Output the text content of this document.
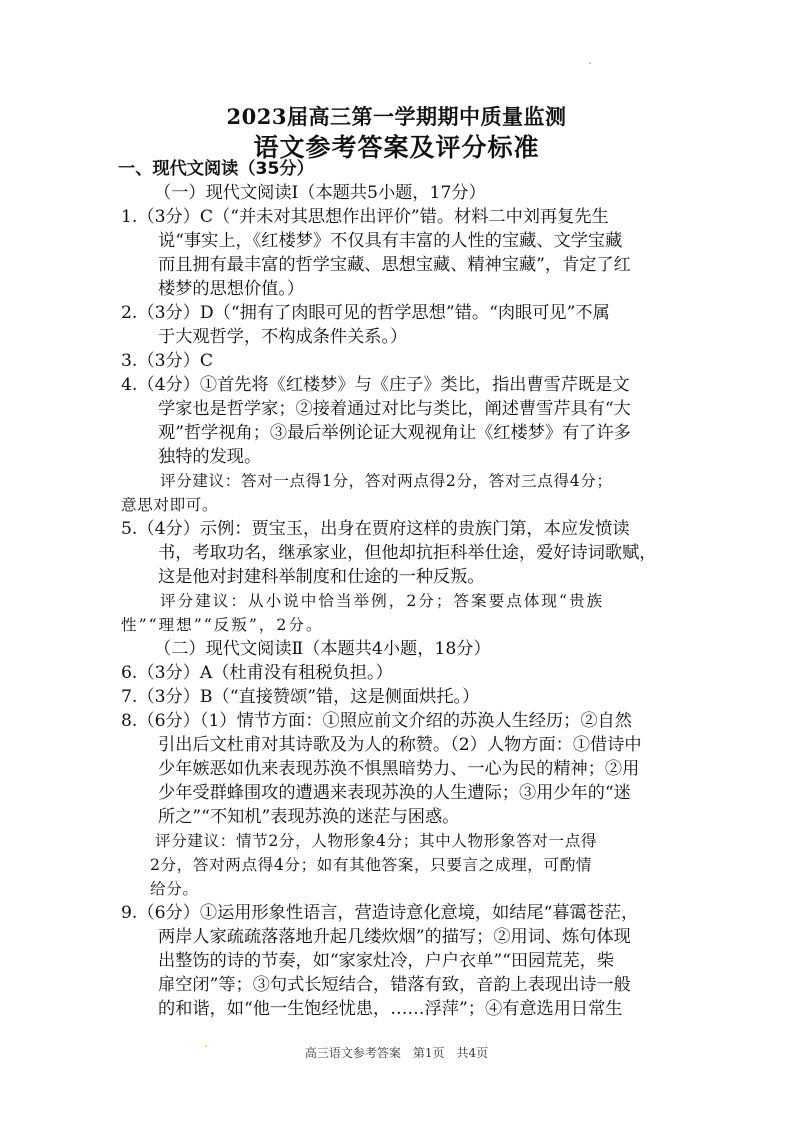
2023届高三第一学期期中质量监测
语文参考答案及评分标准
一、现代文阅读（35分）
（一）现代文阅读Ⅰ（本题共5小题，17分）
1.（3分）C（“并未对其思想作出评价”错。材料二中刘再复先生
说“事实上，《红楼梦》不仅具有丰富的人性的宝藏、文学宝藏
而且拥有最丰富的哲学宝藏、思想宝藏、精神宝藏”，肯定了红
楼梦的思想价值。）
2.（3分）D（“拥有了肉眼可见的哲学思想”错。“肉眼可见”不属
于大观哲学，不构成条件关系。）
3.（3分）C
4.（4分）①首先将《红楼梦》与《庄子》类比，指出曹雪芹既是文
学家也是哲学家；②接着通过对比与类比，阐述曹雪芹具有“大
观”哲学视角；③最后举例论证大观视角让《红楼梦》有了许多
独特的发现。
评分建议：答对一点得1分，答对两点得2分，答对三点得4分；
意思对即可。
5.（4分）示例：贾宝玉，出身在贾府这样的贵族门第，本应发愤读
书，考取功名，继承家业，但他却抗拒科举仕途，爱好诗词歌赋，
这是他对封建科举制度和仕途的一种反叛。
评分建议：从小说中恰当举例，2分；答案要点体现“贵族
性”“理想”“反叛”，2分。
（二）现代文阅读Ⅱ（本题共4小题，18分）
6.（3分）A（杜甫没有租税负担。）
7.（3分）B（“直接赞颂”错，这是侧面烘托。）
8.（6分）（1）情节方面：①照应前文介绍的苏涣人生经历；②自然
引出后文杜甫对其诗歌及为人的称赞。（2）人物方面：①借诗中
少年嫉恶如仇来表现苏涣不惧黑暗势力、一心为民的精神；②用
少年受群蜂围攻的遭遇来表现苏涣的人生遭际；③用少年的“迷
所之”“不知机”表现苏涣的迷茫与困惑。
评分建议：情节2分，人物形象4分；其中人物形象答对一点得
2分，答对两点得4分；如有其他答案，只要言之成理，可酌情
给分。
9.（6分）①运用形象性语言，营造诗意化意境，如结尾“暮霭苍茫，
两岸人家疏疏落落地升起几缕炊烟”的描写；②用词、炼句体现
出整饬的诗的节奏，如“家家灶冷，户户衣单”“田园荒芜，柴
扉空闭”等；③句式长短结合，错落有致，音韵上表现出诗一般
的和谐，如“他一生饱经忧患，……浮萍”；④有意选用日常生
高三语文参考答案　第1页　共4页
